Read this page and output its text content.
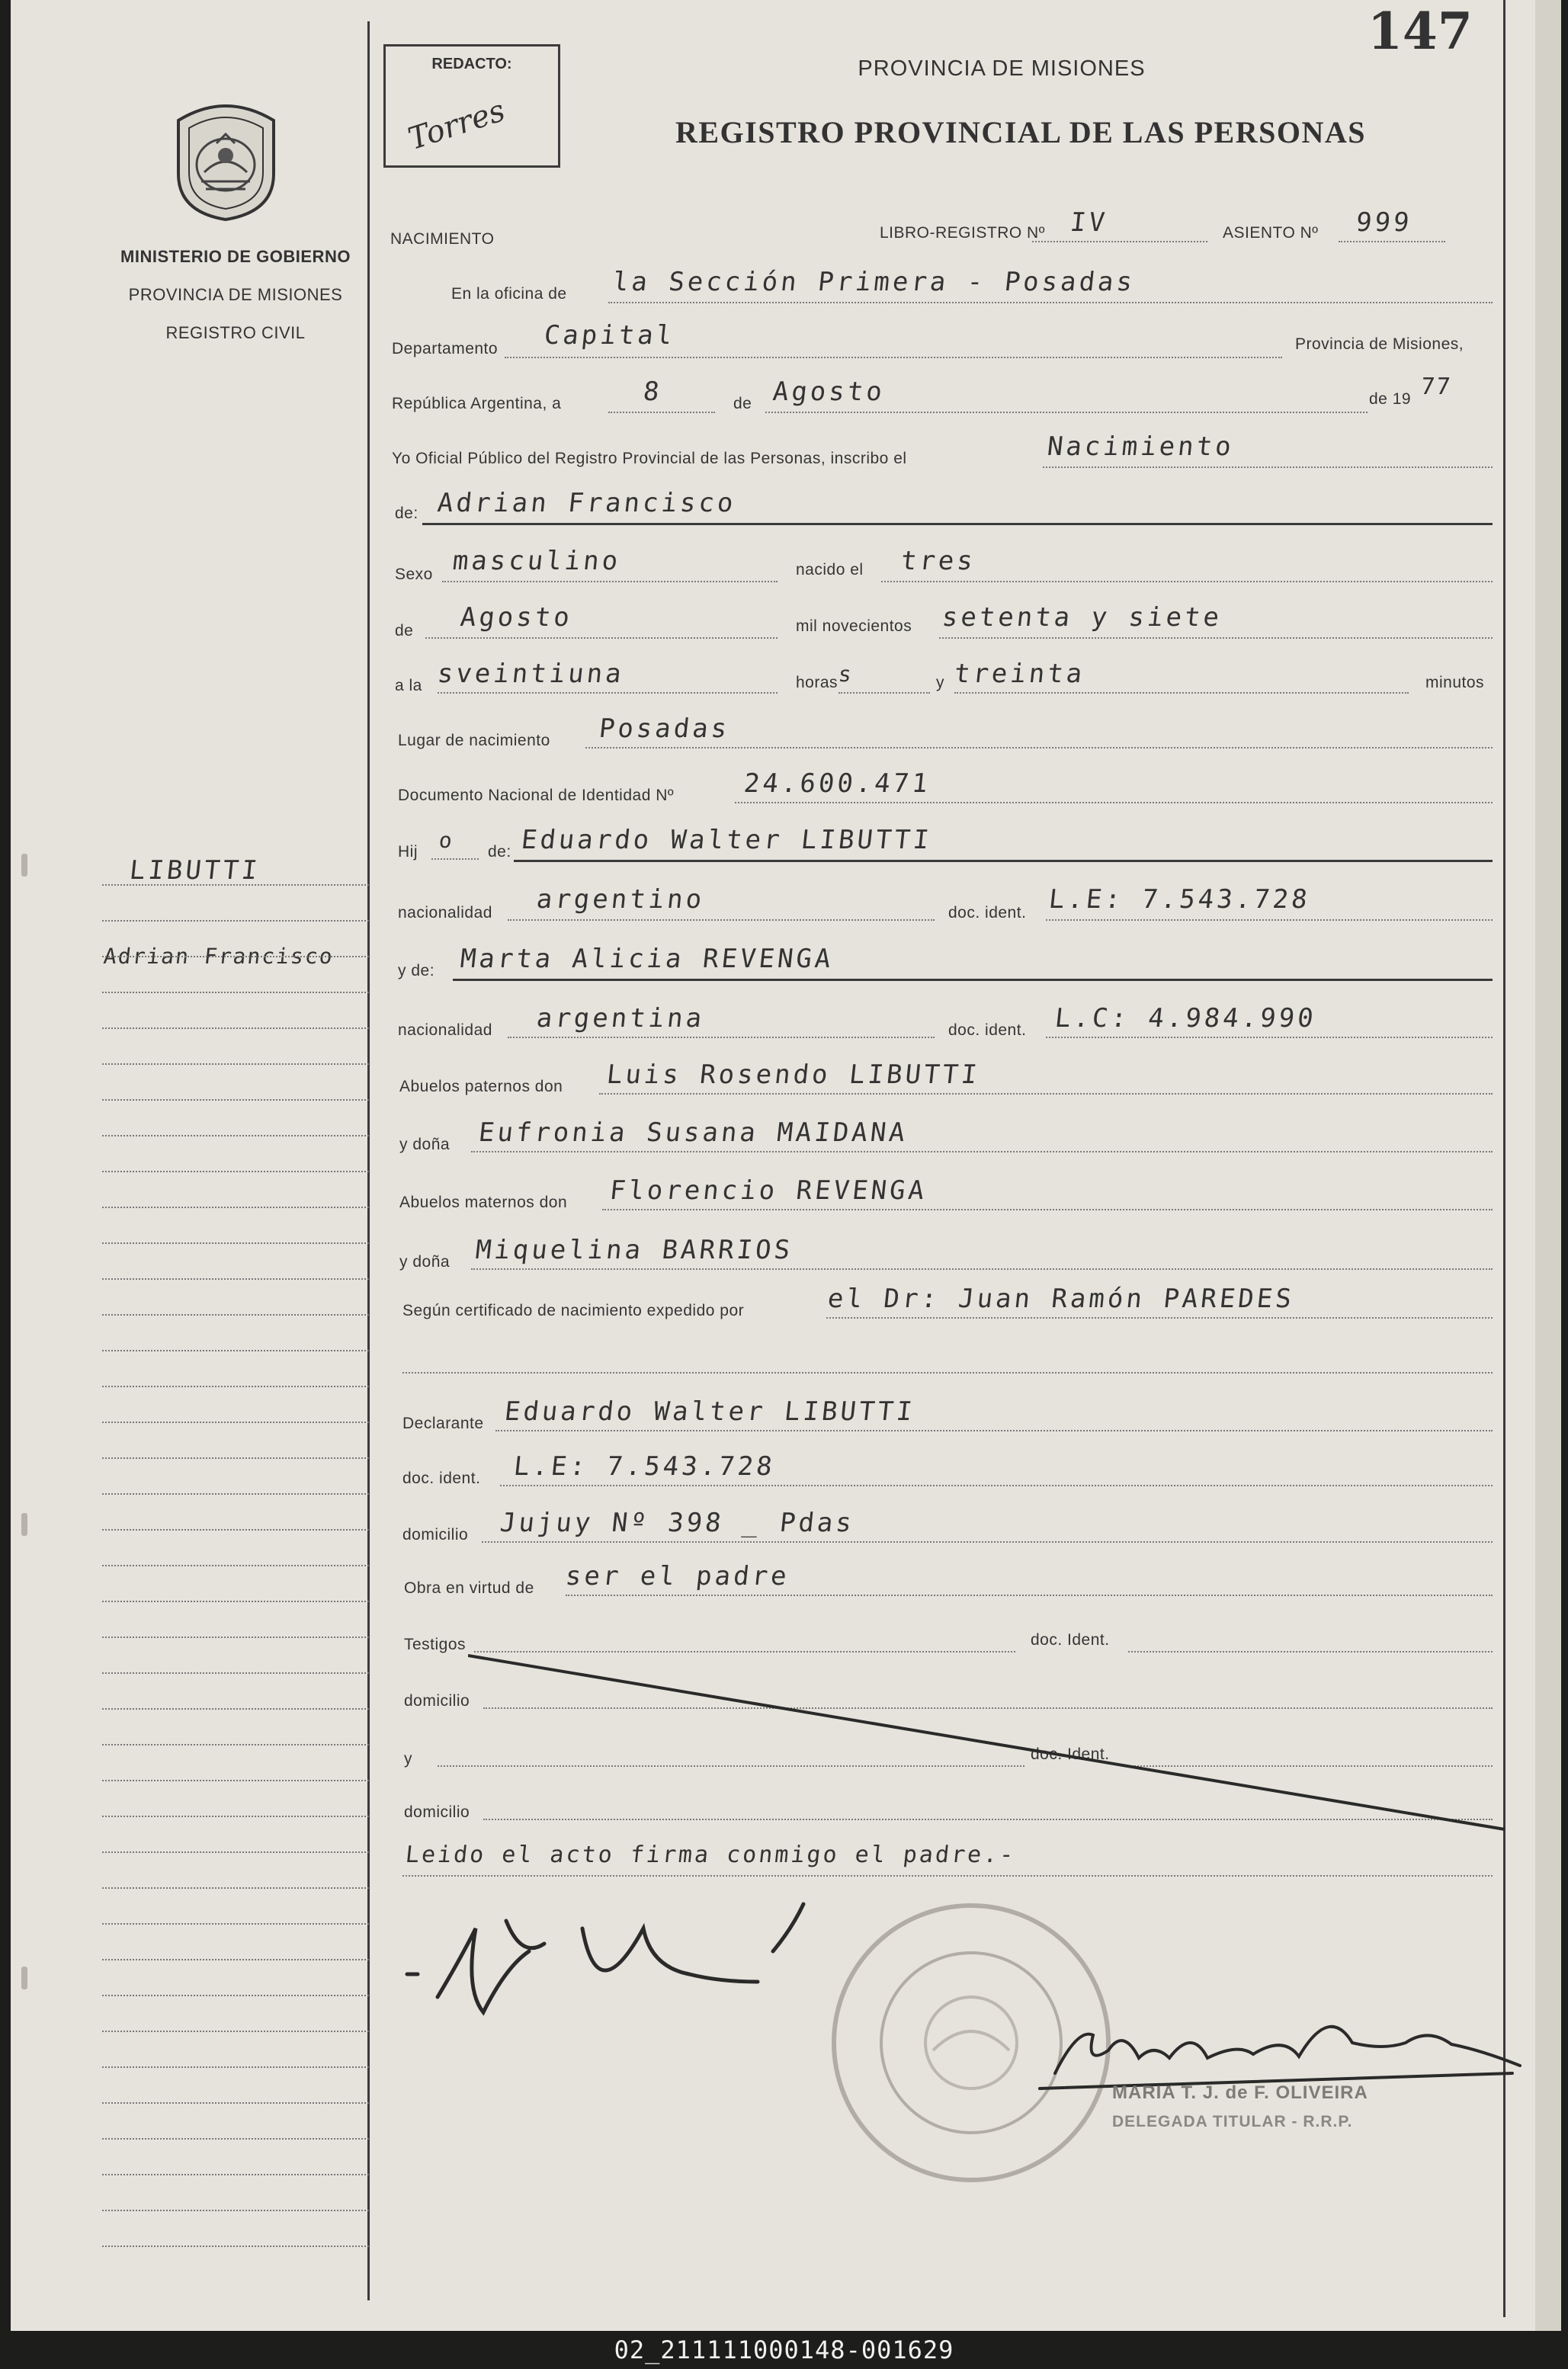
147
REDACTO:
Torres
MINISTERIO DE GOBIERNO
PROVINCIA DE MISIONES
REGISTRO CIVIL
PROVINCIA DE MISIONES
REGISTRO PROVINCIAL DE LAS PERSONAS
LIBUTTI
Adrian Francisco
NACIMIENTO	LIBRO-REGISTRO Nº IV	ASIENTO Nº 999
En la oficina de la Sección Primera - Posadas
Departamento Capital	Provincia de Misiones,
República Argentina, a	8	de Agosto	de 19 77
Yo Oficial Público del Registro Provincial de las Personas, inscribo el	Nacimiento
de: Adrian Francisco
Sexo masculino	nacido el tres
de Agosto	mil novecientos setenta y siete
a la sveintiuna	horas s	y treinta	minutos
Lugar de nacimiento Posadas
Documento Nacional de Identidad Nº	24.600.471
Hij o de: Eduardo Walter LIBUTTI
nacionalidad argentino	doc. ident. L.E: 7.543.728
y de: Marta Alicia REVENGA
nacionalidad argentina	doc. ident. L.C: 4.984.990
Abuelos paternos don Luis Rosendo LIBUTTI
y doña Eufronia Susana MAIDANA
Abuelos maternos don Florencio REVENGA
y doña Miquelina BARRIOS
Según certificado de nacimiento expedido por	el Dr: Juan Ramón PAREDES
Declarante Eduardo Walter LIBUTTI
doc. ident. L.E: 7.543.728
domicilio Jujuy Nº 398 _ Pdas
Obra en virtud de ser el padre
Testigos	doc. Ident.
domicilio
y	doc. Ident.
domicilio
Leido el acto firma conmigo el padre.-
MARIA T. J. de F. OLIVEIRA
DELEGADA TITULAR - R.R.P.
02_211111000148-001629
